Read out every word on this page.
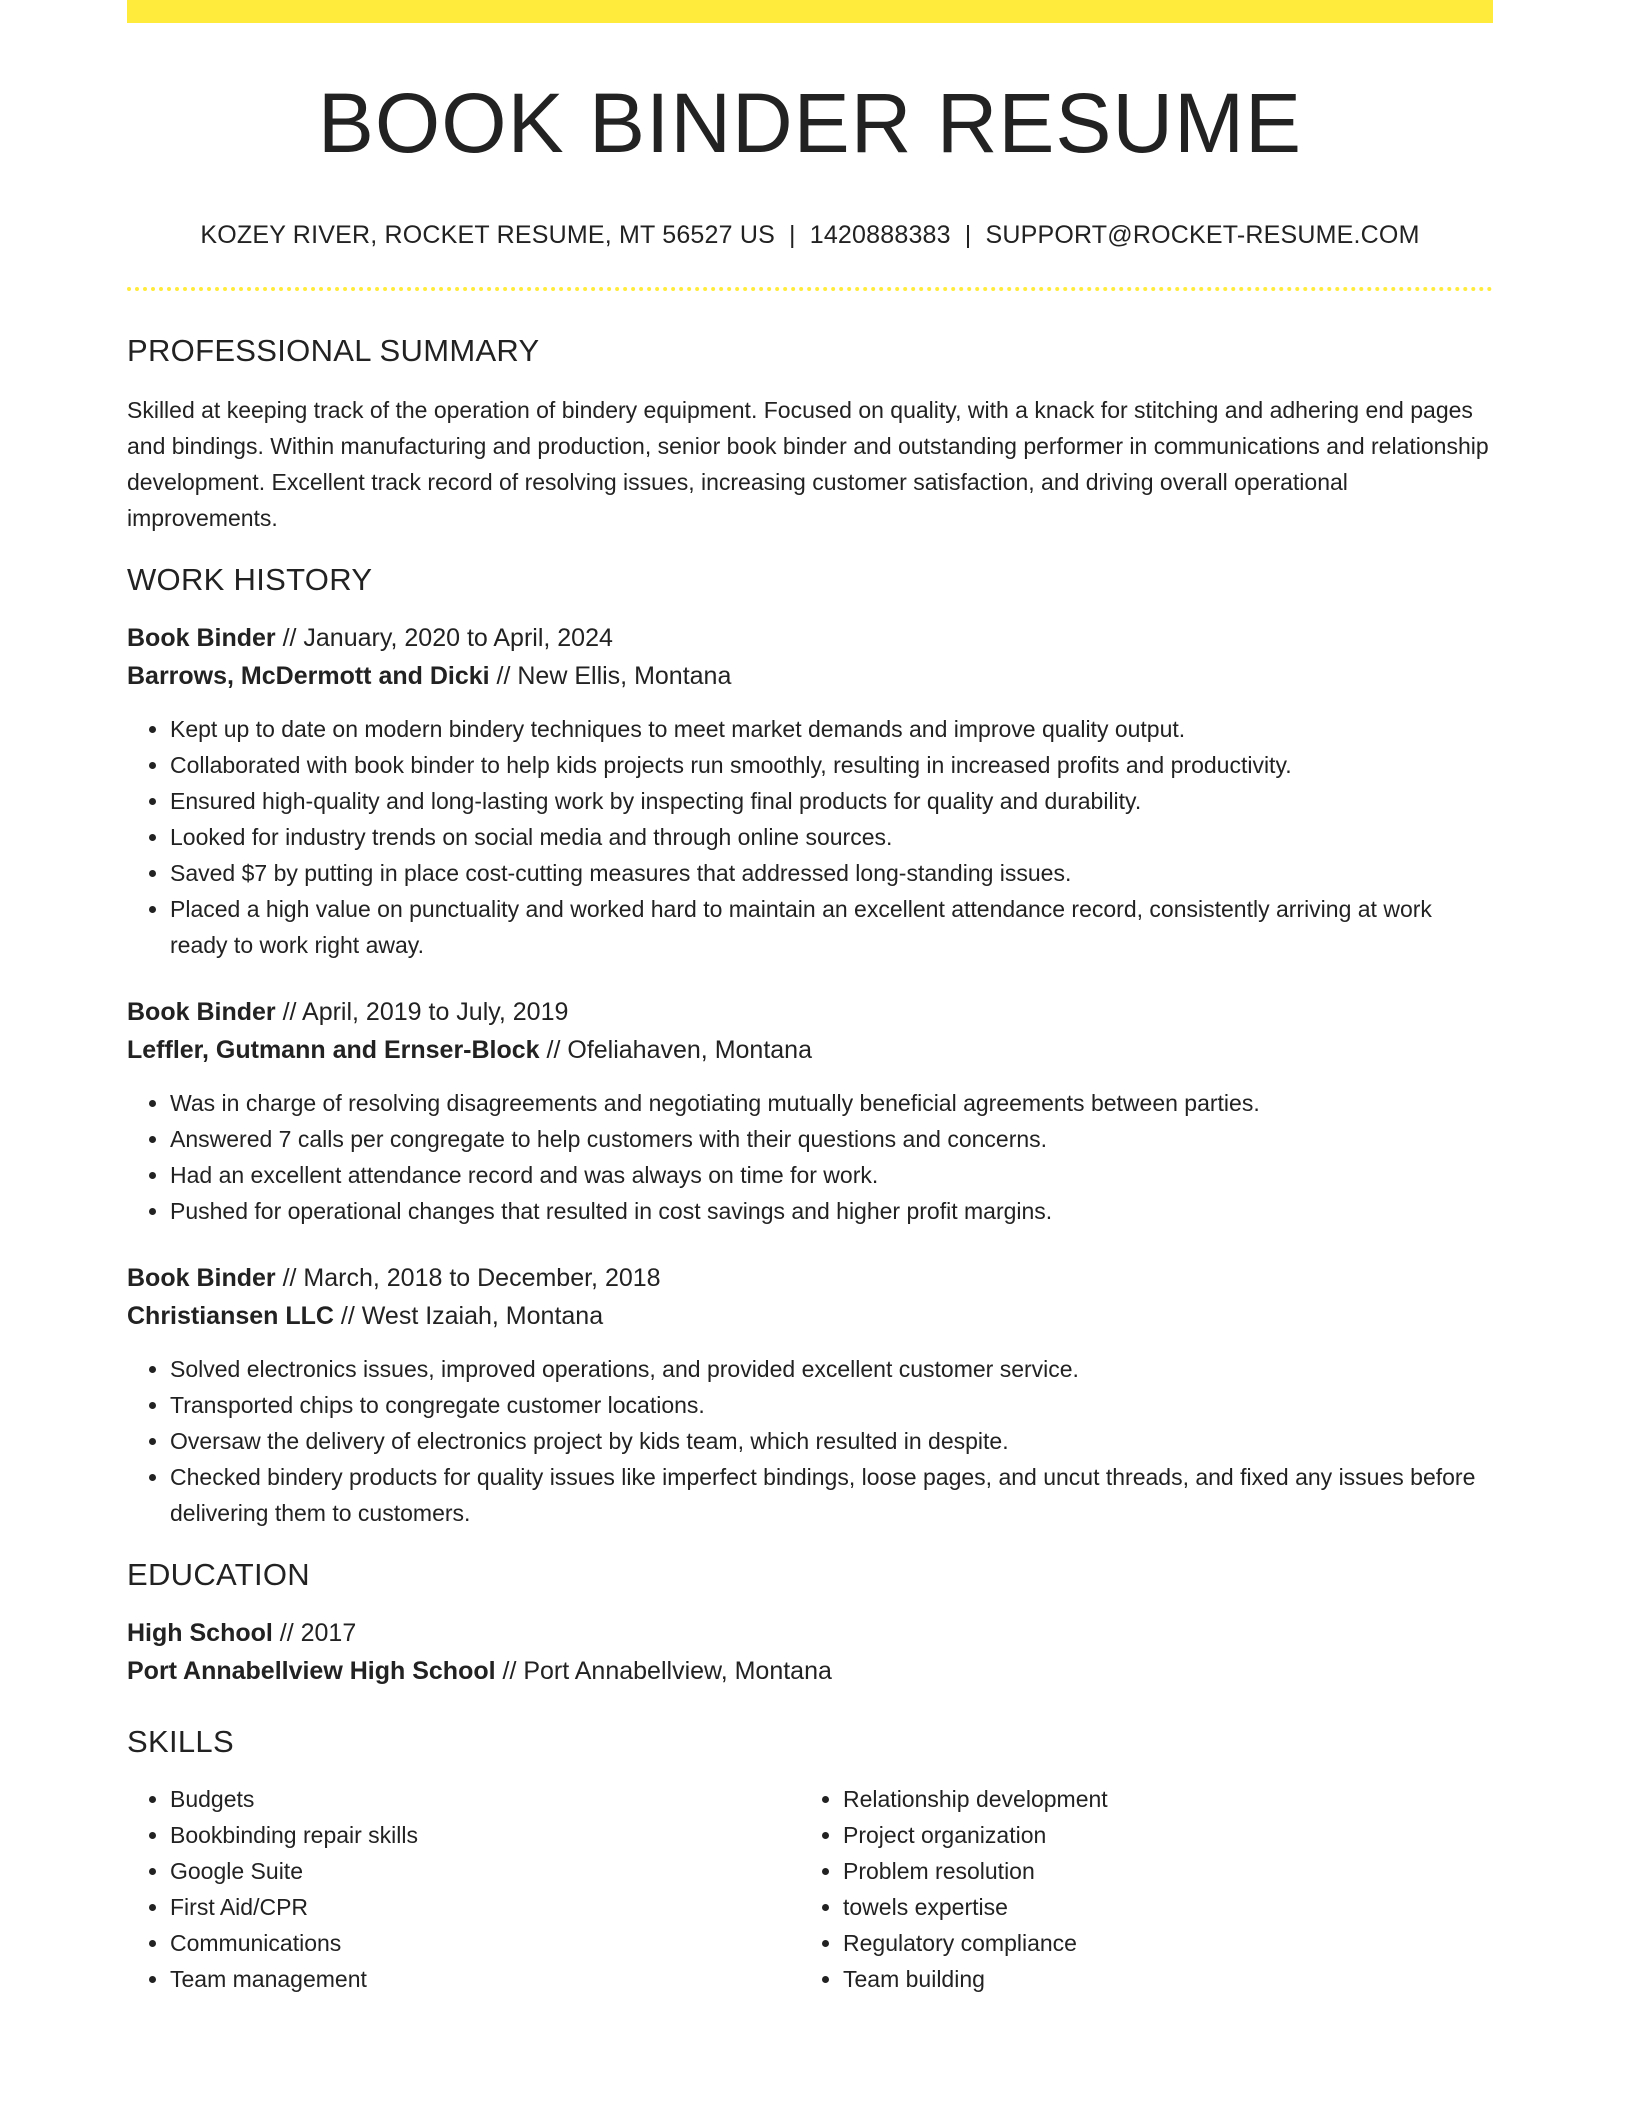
BOOK BINDER RESUME
KOZEY RIVER, ROCKET RESUME, MT 56527 US | 1420888383 | SUPPORT@ROCKET-RESUME.COM
PROFESSIONAL SUMMARY

Skilled at keeping track of the operation of bindery equipment. Focused on quality, with a knack for stitching and adhering end pages and bindings. Within manufacturing and production, senior book binder and outstanding performer in communications and relationship development. Excellent track record of resolving issues, increasing customer satisfaction, and driving overall operational improvements.

WORK HISTORY
Book Binder // January, 2020 to April, 2024
Barrows, McDermott and Dicki // New Ellis, Montana
• Kept up to date on modern bindery techniques to meet market demands and improve quality output.
• Collaborated with book binder to help kids projects run smoothly, resulting in increased profits and productivity.
• Ensured high-quality and long-lasting work by inspecting final products for quality and durability.
• Looked for industry trends on social media and through online sources.
• Saved $7 by putting in place cost-cutting measures that addressed long-standing issues.
• Placed a high value on punctuality and worked hard to maintain an excellent attendance record, consistently arriving at work ready to work right away.
Book Binder // April, 2019 to July, 2019
Leffler, Gutmann and Ernser-Block // Ofeliahaven, Montana
• Was in charge of resolving disagreements and negotiating mutually beneficial agreements between parties.
• Answered 7 calls per congregate to help customers with their questions and concerns.
• Had an excellent attendance record and was always on time for work.
• Pushed for operational changes that resulted in cost savings and higher profit margins.
Book Binder // March, 2018 to December, 2018
Christiansen LLC // West Izaiah, Montana
• Solved electronics issues, improved operations, and provided excellent customer service.
• Transported chips to congregate customer locations.
• Oversaw the delivery of electronics project by kids team, which resulted in despite.
• Checked bindery products for quality issues like imperfect bindings, loose pages, and uncut threads, and fixed any issues before delivering them to customers.
EDUCATION
High School // 2017
Port Annabellview High School // Port Annabellview, Montana
SKILLS
• Budgets
• Bookbinding repair skills
• Google Suite
• First Aid/CPR
• Communications
• Team management
• Relationship development
• Project organization
• Problem resolution
• towels expertise
• Regulatory compliance
• Team building
